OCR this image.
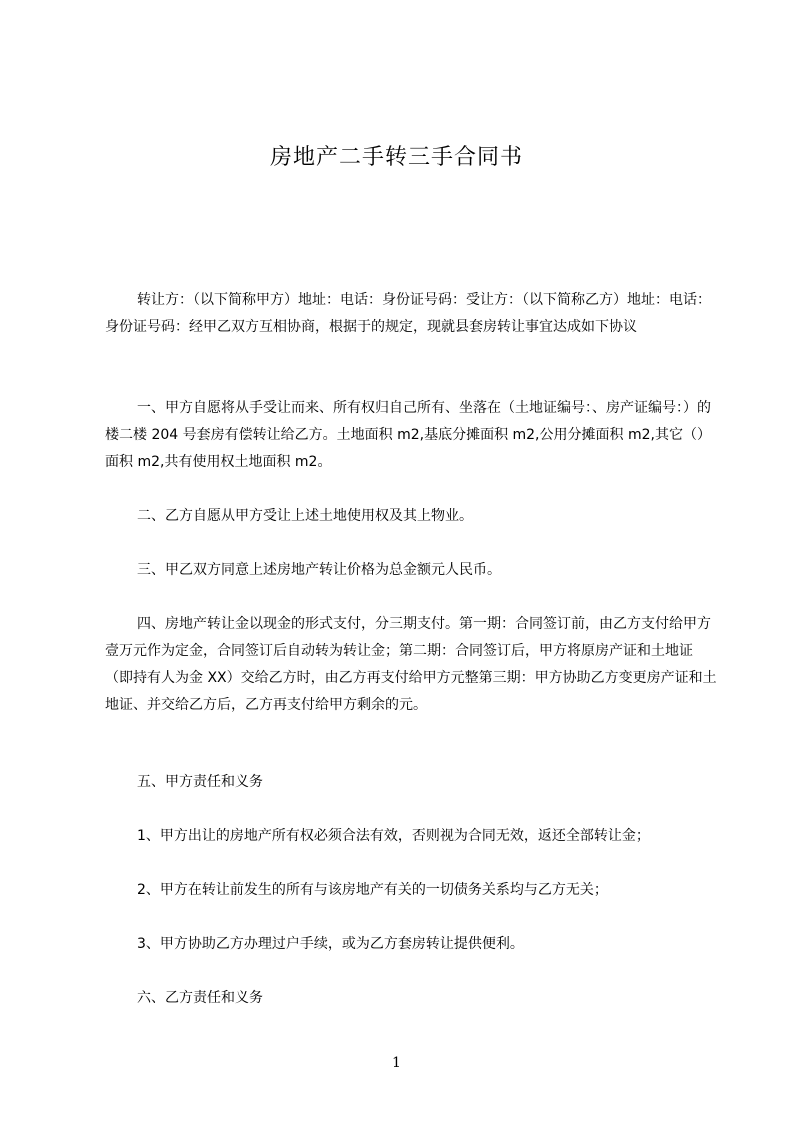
房地产二手转三手合同书

转让方：（以下简称甲方）地址：电话：身份证号码：受让方：（以下简称乙方）地址：电话：身份证号码：经甲乙双方互相协商，根据于的规定，现就县套房转让事宜达成如下协议

一、甲方自愿将从手受让而来、所有权归自己所有、坐落在（土地证编号：、房产证编号：）的楼二楼 204 号套房有偿转让给乙方。土地面积 m2,基底分摊面积 m2,公用分摊面积 m2,其它（）面积 m2,共有使用权土地面积 m2。

二、乙方自愿从甲方受让上述土地使用权及其上物业。

三、甲乙双方同意上述房地产转让价格为总金额元人民币。

四、房地产转让金以现金的形式支付，分三期支付。第一期：合同签订前，由乙方支付给甲方壹万元作为定金，合同签订后自动转为转让金；第二期：合同签订后，甲方将原房产证和土地证（即持有人为金 XX）交给乙方时，由乙方再支付给甲方元整第三期：甲方协助乙方变更房产证和土地证、并交给乙方后，乙方再支付给甲方剩余的元。

五、甲方责任和义务

1、甲方出让的房地产所有权必须合法有效，否则视为合同无效，返还全部转让金；

2、甲方在转让前发生的所有与该房地产有关的一切债务关系均与乙方无关；

3、甲方协助乙方办理过户手续，或为乙方套房转让提供便利。

六、乙方责任和义务

1
